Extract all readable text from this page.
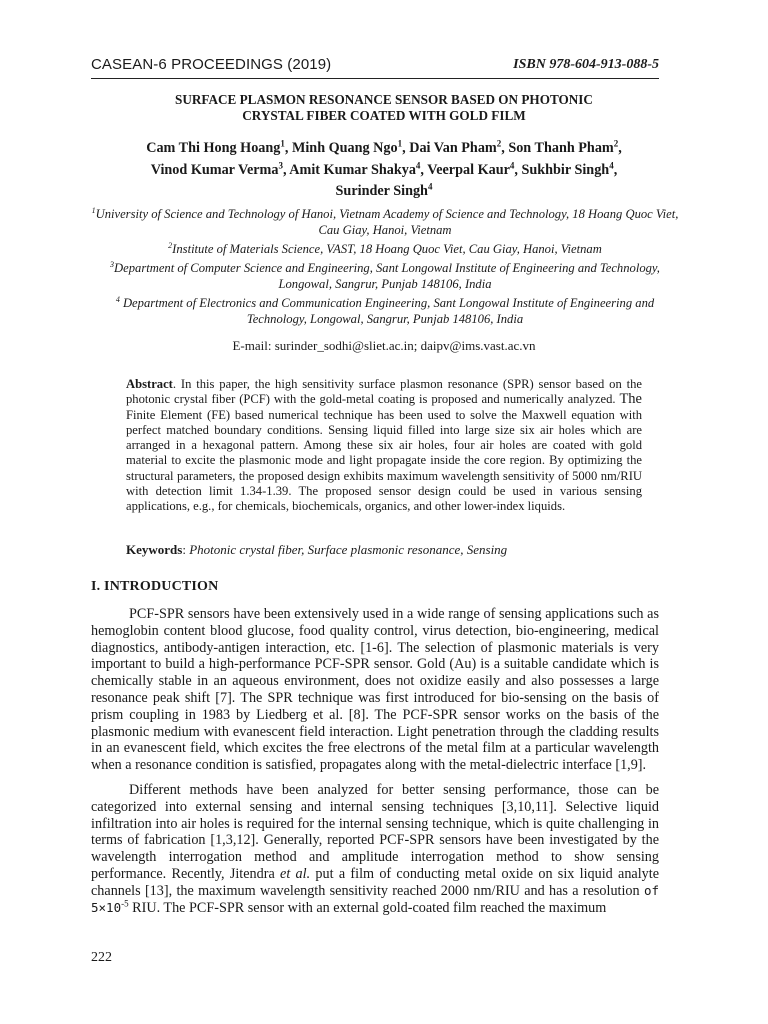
CASEAN-6 PROCEEDINGS (2019)	ISBN 978-604-913-088-5
SURFACE PLASMON RESONANCE SENSOR BASED ON PHOTONIC
CRYSTAL FIBER COATED WITH GOLD FILM
Cam Thi Hong Hoang$^1$, Minh Quang Ngo$^1$, Dai Van Pham$^2$, Son Thanh Pham$^2$,
Vinod Kumar Verma$^3$, Amit Kumar Shakya$^4$, Veerpal Kaur$^4$, Sukhbir Singh$^4$,
Surinder Singh$^4$
$^1$University of Science and Technology of Hanoi, Vietnam Academy of Science and Technology, 18 Hoang Quoc Viet, Cau Giay, Hanoi, Vietnam
$^2$Institute of Materials Science, VAST, 18 Hoang Quoc Viet, Cau Giay, Hanoi, Vietnam
$^3$Department of Computer Science and Engineering, Sant Longowal Institute of Engineering and Technology, Longowal, Sangrur, Punjab 148106, India
$^4$ Department of Electronics and Communication Engineering, Sant Longowal Institute of Engineering and Technology, Longowal, Sangrur, Punjab 148106, India
E-mail: surinder_sodhi@sliet.ac.in; daipv@ims.vast.ac.vn
Abstract. In this paper, the high sensitivity surface plasmon resonance (SPR) sensor based on the photonic crystal fiber (PCF) with the gold-metal coating is proposed and numerically analyzed. The Finite Element (FE) based numerical technique has been used to solve the Maxwell equation with perfect matched boundary conditions. Sensing liquid filled into large size six air holes which are arranged in a hexagonal pattern. Among these six air holes, four air holes are coated with gold material to excite the plasmonic mode and light propagate inside the core region. By optimizing the structural parameters, the proposed design exhibits maximum wavelength sensitivity of 5000 nm/RIU with detection limit 1.34-1.39. The proposed sensor design could be used in various sensing applications, e.g., for chemicals, biochemicals, organics, and other lower-index liquids.
Keywords: Photonic crystal fiber, Surface plasmonic resonance, Sensing
I. INTRODUCTION

PCF-SPR sensors have been extensively used in a wide range of sensing applications such as hemoglobin content blood glucose, food quality control, virus detection, bio-engineering, medical diagnostics, antibody-antigen interaction, etc. [1-6]. The selection of plasmonic materials is very important to build a high-performance PCF-SPR sensor. Gold (Au) is a suitable candidate which is chemically stable in an aqueous environment, does not oxidize easily and also possesses a large resonance peak shift [7]. The SPR technique was first introduced for bio-sensing on the basis of prism coupling in 1983 by Liedberg et al. [8]. The PCF-SPR sensor works on the basis of the plasmonic medium with evanescent field interaction. Light penetration through the cladding results in an evanescent field, which excites the free electrons of the metal film at a particular wavelength when a resonance condition is satisfied, propagates along with the metal-dielectric interface [1,9].

Different methods have been analyzed for better sensing performance, those can be categorized into external sensing and internal sensing techniques [3,10,11]. Selective liquid infiltration into air holes is required for the internal sensing technique, which is quite challenging in terms of fabrication [1,3,12]. Generally, reported PCF-SPR sensors have been investigated by the wavelength interrogation method and amplitude interrogation method to show sensing performance. Recently, Jitendra et al. put a film of conducting metal oxide on six liquid analyte channels [13], the maximum wavelength sensitivity reached 2000 nm/RIU and has a resolution of $5\times 10^{-5}$ RIU. The PCF-SPR sensor with an external gold-coated film reached the maximum

222
